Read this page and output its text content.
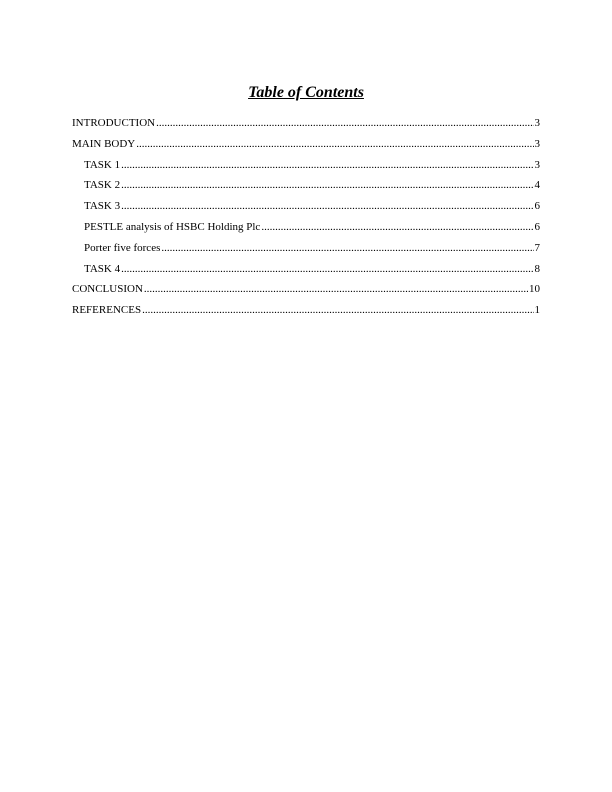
Table of Contents
INTRODUCTION .....	3
MAIN BODY .....	3
TASK 1 .....	3
TASK 2 .....	4
TASK 3 .....	6
PESTLE analysis of HSBC Holding Plc .....	6
Porter five forces .....	7
TASK 4 .....	8
CONCLUSION .....	10
REFERENCES .....	1
